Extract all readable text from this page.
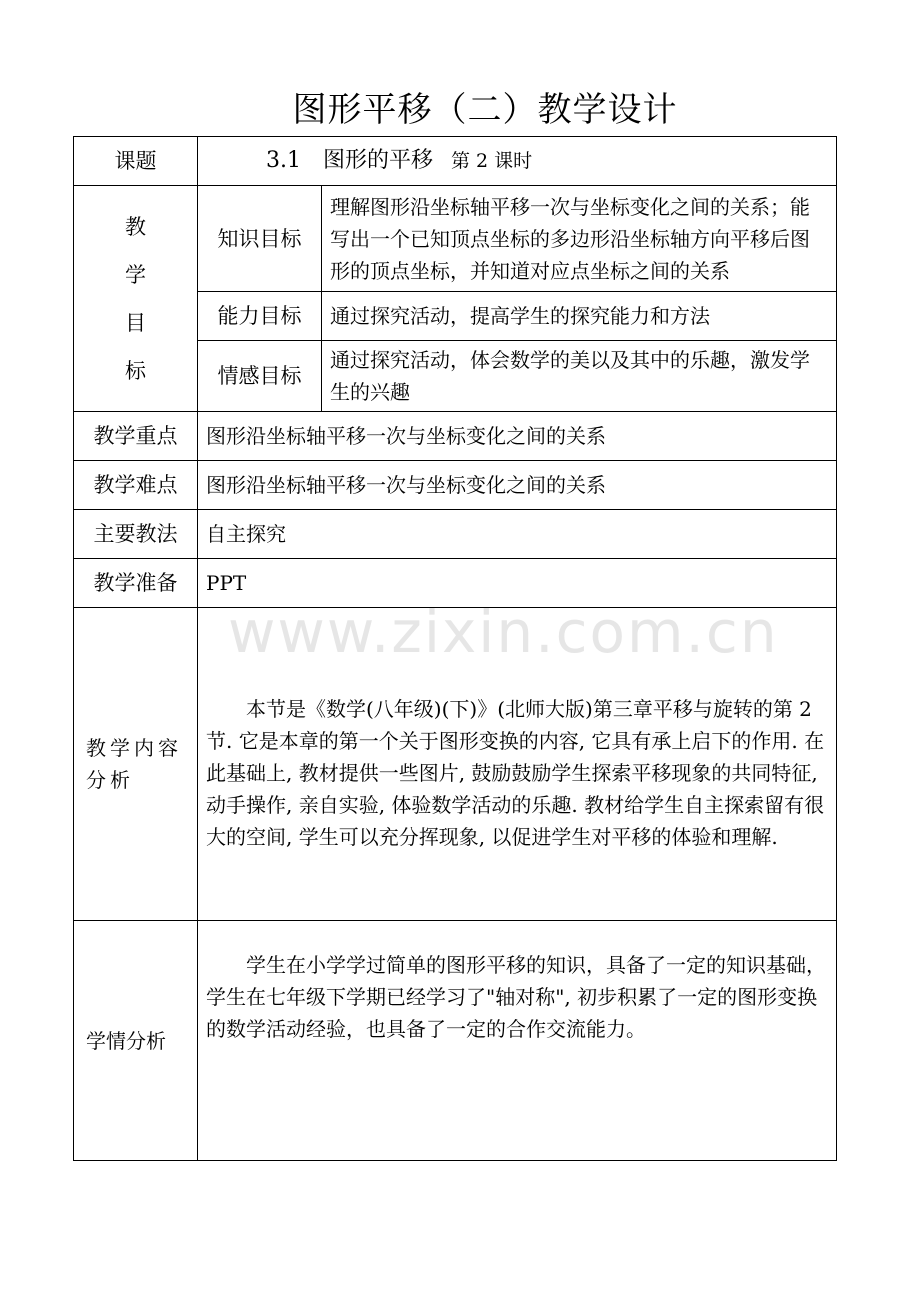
图形平移（二）教学设计
课题	3.1　图形的平移 第 2 课时	

教
学
目
标	知识目标	理解图形沿坐标轴平移一次与坐标变化之间的关系；能写出一个已知顶点坐标的多边形沿坐标轴方向平移后图形的顶点坐标，并知道对应点坐标之间的关系
	能力目标	通过探究活动，提高学生的探究能力和方法
	情感目标	通过探究活动，体会数学的美以及其中的乐趣，激发学生的兴趣
教学重点	图形沿坐标轴平移一次与坐标变化之间的关系	
教学难点	图形沿坐标轴平移一次与坐标变化之间的关系	
主要教法	自主探究	
教学准备	PPT	
教学内容分析	本节是《数学(八年级)(下)》(北师大版)第三章平移与旋转的第 2 节. 它是本章的第一个关于图形变换的内容, 它具有承上启下的作用. 在此基础上, 教材提供一些图片, 鼓励鼓励学生探索平移现象的共同特征, 动手操作, 亲自实验, 体验数学活动的乐趣. 教材给学生自主探索留有很大的空间, 学生可以充分挥现象, 以促进学生对平移的体验和理解.	
学情分析	学生在小学学过简单的图形平移的知识，具备了一定的知识基础，学生在七年级下学期已经学习了"轴对称", 初步积累了一定的图形变换的数学活动经验，也具备了一定的合作交流能力。	
www.zixin.com.cn
